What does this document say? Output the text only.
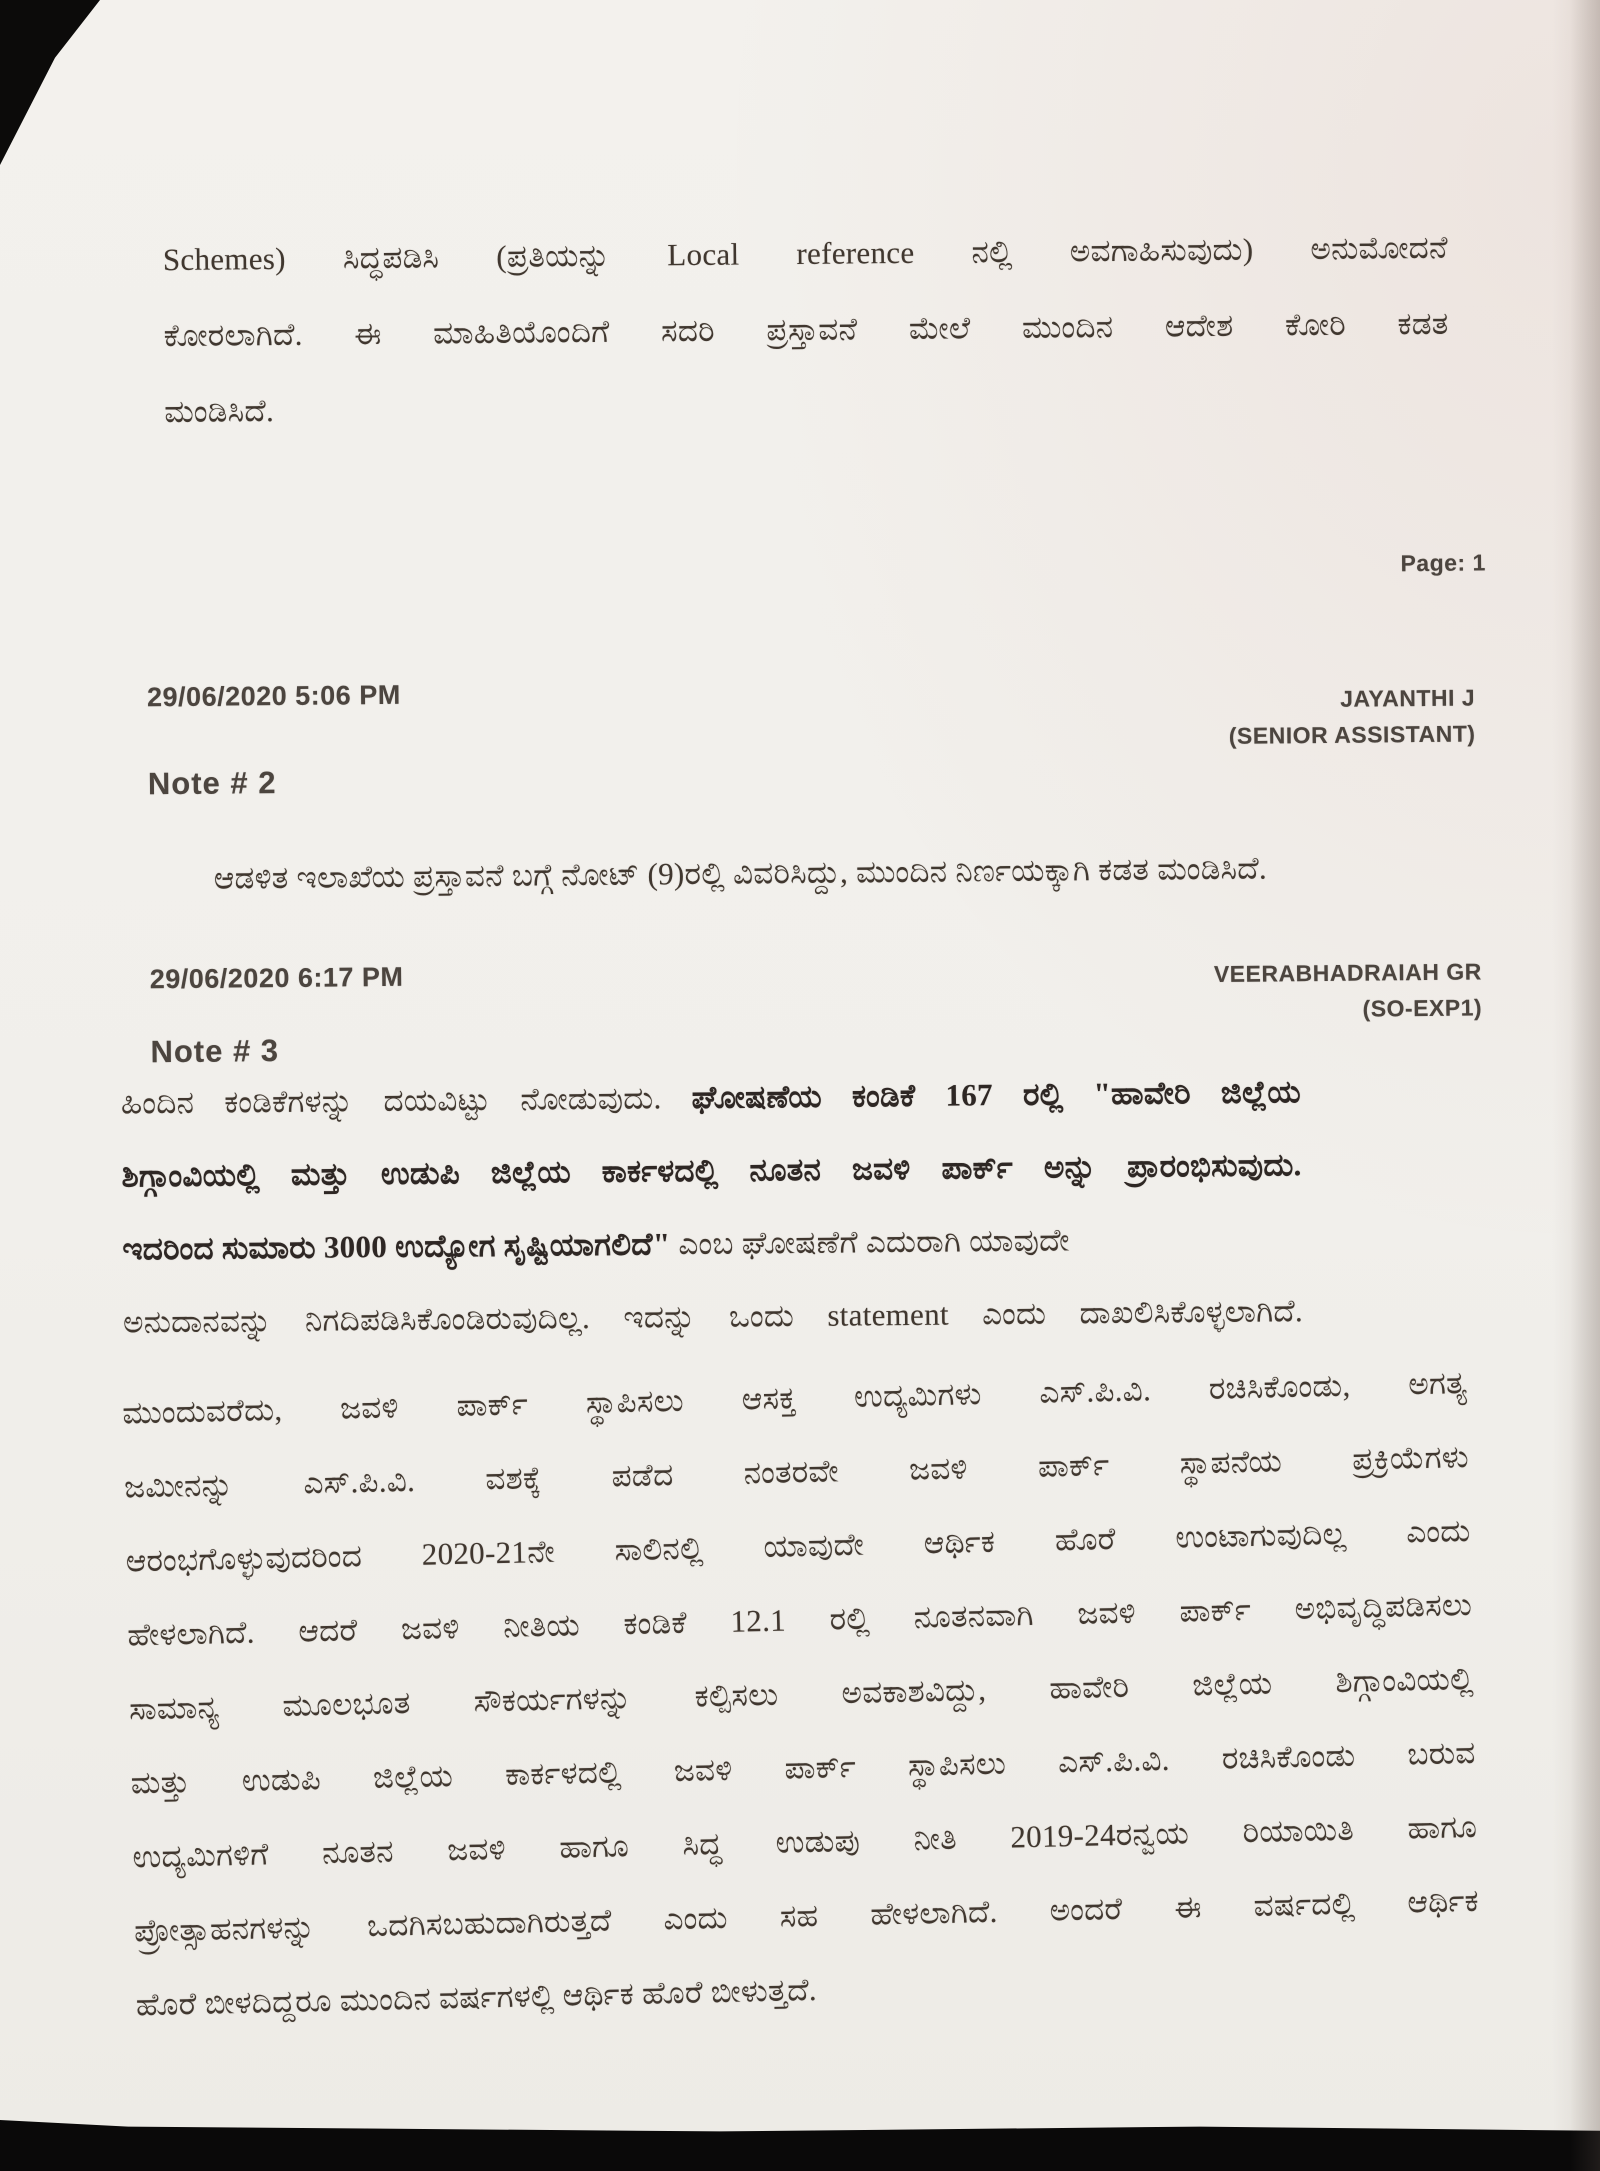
Schemes) ಸಿದ್ಧಪಡಿಸಿ (ಪ್ರತಿಯನ್ನು Local reference ನಲ್ಲಿ ಅವಗಾಹಿಸುವುದು) ಅನುಮೋದನೆ
ಕೋರಲಾಗಿದೆ. ಈ ಮಾಹಿತಿಯೊಂದಿಗೆ ಸದರಿ ಪ್ರಸ್ತಾವನೆ ಮೇಲೆ ಮುಂದಿನ ಆದೇಶ ಕೋರಿ ಕಡತ
ಮಂಡಿಸಿದೆ.
Page: 1
29/06/2020 5:06 PM	JAYANTHI J
(SENIOR ASSISTANT)
Note # 2
ಆಡಳಿತ ಇಲಾಖೆಯ ಪ್ರಸ್ತಾವನೆ ಬಗ್ಗೆ ನೋಟ್ (9)ರಲ್ಲಿ ವಿವರಿಸಿದ್ದು, ಮುಂದಿನ ನಿರ್ಣಯಕ್ಕಾಗಿ ಕಡತ ಮಂಡಿಸಿದೆ.
29/06/2020 6:17 PM	VEERABHADRAIAH GR
(SO-EXP1)
Note # 3
ಹಿಂದಿನ ಕಂಡಿಕೆಗಳನ್ನು ದಯವಿಟ್ಟು ನೋಡುವುದು. ಘೋಷಣೆಯ ಕಂಡಿಕೆ 167 ರಲ್ಲಿ "ಹಾವೇರಿ ಜಿಲ್ಲೆಯ
ಶಿಗ್ಗಾಂವಿಯಲ್ಲಿ ಮತ್ತು ಉಡುಪಿ ಜಿಲ್ಲೆಯ ಕಾರ್ಕಳದಲ್ಲಿ ನೂತನ ಜವಳಿ ಪಾರ್ಕ್ ಅನ್ನು ಪ್ರಾರಂಭಿಸುವುದು.
ಇದರಿಂದ ಸುಮಾರು 3000 ಉದ್ಯೋಗ ಸೃಷ್ಟಿಯಾಗಲಿದೆ" ಎಂಬ ಘೋಷಣೆಗೆ ಎದುರಾಗಿ ಯಾವುದೇ
ಅನುದಾನವನ್ನು ನಿಗದಿಪಡಿಸಿಕೊಂಡಿರುವುದಿಲ್ಲ. ಇದನ್ನು ಒಂದು statement ಎಂದು ದಾಖಲಿಸಿಕೊಳ್ಳಲಾಗಿದೆ.
ಮುಂದುವರೆದು, ಜವಳಿ ಪಾರ್ಕ್ ಸ್ಥಾಪಿಸಲು ಆಸಕ್ತ ಉದ್ಯಮಿಗಳು ಎಸ್.ಪಿ.ವಿ. ರಚಿಸಿಕೊಂಡು, ಅಗತ್ಯ
ಜಮೀನನ್ನು ಎಸ್.ಪಿ.ವಿ. ವಶಕ್ಕೆ ಪಡೆದ ನಂತರವೇ ಜವಳಿ ಪಾರ್ಕ್ ಸ್ಥಾಪನೆಯ ಪ್ರಕ್ರಿಯೆಗಳು
ಆರಂಭಗೊಳ್ಳುವುದರಿಂದ 2020-21ನೇ ಸಾಲಿನಲ್ಲಿ ಯಾವುದೇ ಆರ್ಥಿಕ ಹೊರೆ ಉಂಟಾಗುವುದಿಲ್ಲ ಎಂದು
ಹೇಳಲಾಗಿದೆ. ಆದರೆ ಜವಳಿ ನೀತಿಯ ಕಂಡಿಕೆ 12.1 ರಲ್ಲಿ ನೂತನವಾಗಿ ಜವಳಿ ಪಾರ್ಕ್ ಅಭಿವೃದ್ಧಿಪಡಿಸಲು
ಸಾಮಾನ್ಯ ಮೂಲಭೂತ ಸೌಕರ್ಯಗಳನ್ನು ಕಲ್ಪಿಸಲು ಅವಕಾಶವಿದ್ದು, ಹಾವೇರಿ ಜಿಲ್ಲೆಯ ಶಿಗ್ಗಾಂವಿಯಲ್ಲಿ
ಮತ್ತು ಉಡುಪಿ ಜಿಲ್ಲೆಯ ಕಾರ್ಕಳದಲ್ಲಿ ಜವಳಿ ಪಾರ್ಕ್ ಸ್ಥಾಪಿಸಲು ಎಸ್.ಪಿ.ವಿ. ರಚಿಸಿಕೊಂಡು ಬರುವ
ಉದ್ಯಮಿಗಳಿಗೆ ನೂತನ ಜವಳಿ ಹಾಗೂ ಸಿದ್ಧ ಉಡುಪು ನೀತಿ 2019-24ರನ್ವಯ ರಿಯಾಯಿತಿ ಹಾಗೂ
ಪ್ರೋತ್ಸಾಹನಗಳನ್ನು ಒದಗಿಸಬಹುದಾಗಿರುತ್ತದೆ ಎಂದು ಸಹ ಹೇಳಲಾಗಿದೆ. ಅಂದರೆ ಈ ವರ್ಷದಲ್ಲಿ ಆರ್ಥಿಕ
ಹೊರೆ ಬೀಳದಿದ್ದರೂ ಮುಂದಿನ ವರ್ಷಗಳಲ್ಲಿ ಆರ್ಥಿಕ ಹೊರೆ ಬೀಳುತ್ತದೆ.
